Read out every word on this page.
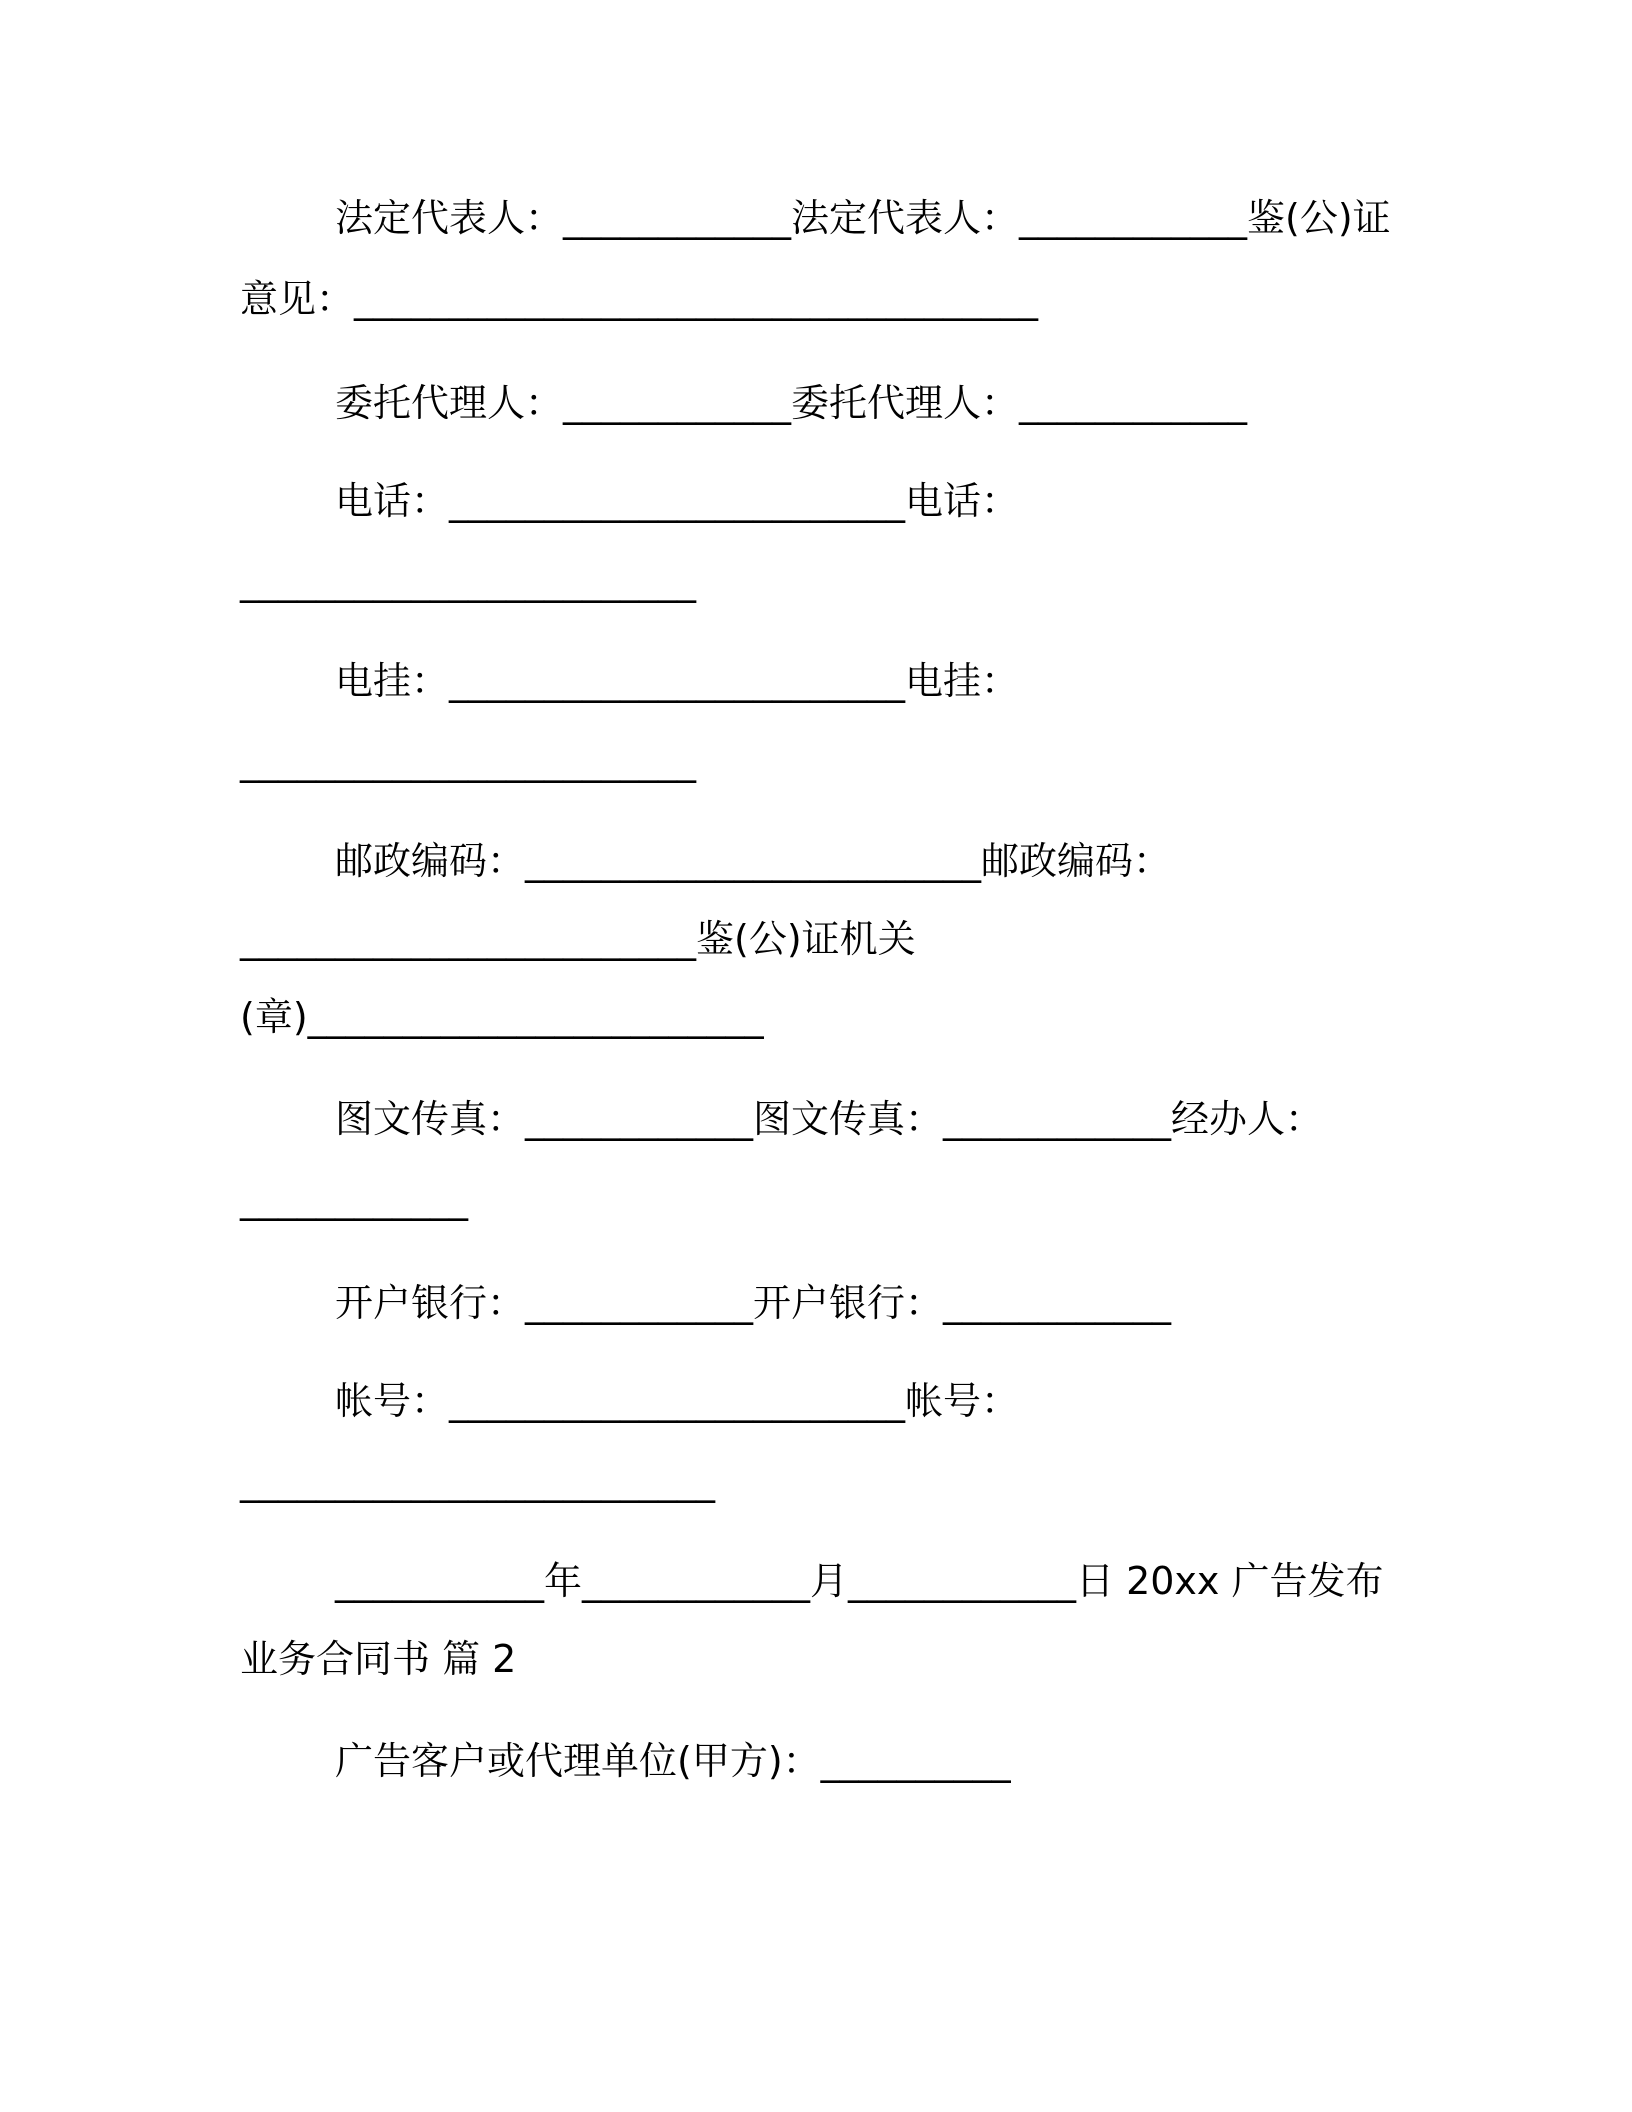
法定代表人：____________法定代表人：____________鉴(公)证
意见：____________________________________
委托代理人：____________委托代理人：____________
电话：________________________电话：
________________________
电挂：________________________电挂：
________________________
邮政编码：________________________邮政编码：
________________________鉴(公)证机关
(章)________________________
图文传真：____________图文传真：____________经办人：
____________
开户银行：____________开户银行：____________
帐号：________________________帐号：
_________________________
___________年____________月____________日 20xx 广告发布
业务合同书 篇 2
广告客户或代理单位(甲方)：__________
